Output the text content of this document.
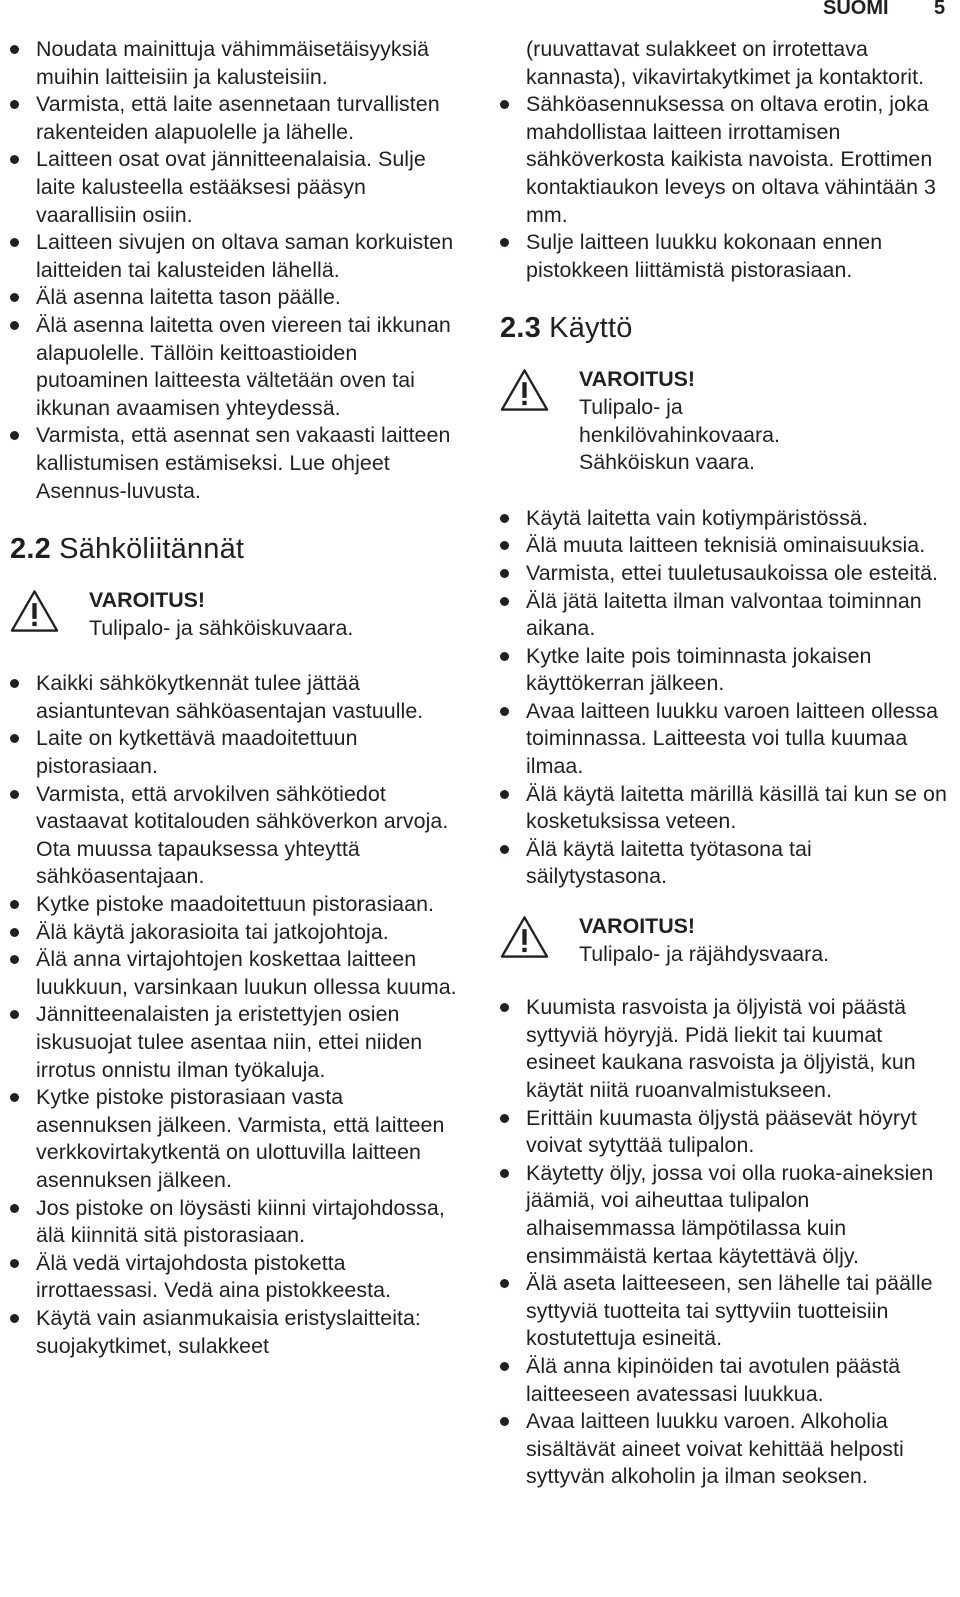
SUOMI 5
Noudata mainittuja vähimmäisetäisyyksiä muihin laitteisiin ja kalusteisiin.
Varmista, että laite asennetaan turvallisten rakenteiden alapuolelle ja lähelle.
Laitteen osat ovat jännitteenalaisia. Sulje laite kalusteella estääksesi pääsyn vaarallisiin osiin.
Laitteen sivujen on oltava saman korkuisten laitteiden tai kalusteiden lähellä.
Älä asenna laitetta tason päälle.
Älä asenna laitetta oven viereen tai ikkunan alapuolelle. Tällöin keittoastioiden putoaminen laitteesta vältetään oven tai ikkunan avaamisen yhteydessä.
Varmista, että asennat sen vakaasti laitteen kallistumisen estämiseksi. Lue ohjeet Asennus-luvusta.
2.2 Sähköliitännät
VAROITUS!
Tulipalo- ja sähköiskuvaara.
Kaikki sähkökytkennät tulee jättää asiantuntevan sähköasentajan vastuulle.
Laite on kytkettävä maadoitettuun pistorasiaan.
Varmista, että arvokilven sähkötiedot vastaavat kotitalouden sähköverkon arvoja. Ota muussa tapauksessa yhteyttä sähköasentajaan.
Kytke pistoke maadoitettuun pistorasiaan.
Älä käytä jakorasioita tai jatkojohtoja.
Älä anna virtajohtojen koskettaa laitteen luukkuun, varsinkaan luukun ollessa kuuma.
Jännitteenalaisten ja eristettyjen osien iskusuojat tulee asentaa niin, ettei niiden irrotus onnistu ilman työkaluja.
Kytke pistoke pistorasiaan vasta asennuksen jälkeen. Varmista, että laitteen verkkovirtakytkentä on ulottuvilla laitteen asennuksen jälkeen.
Jos pistoke on löysästi kiinni virtajohdossa, älä kiinnitä sitä pistorasiaan.
Älä vedä virtajohdosta pistoketta irrottaessasi. Vedä aina pistokkeesta.
Käytä vain asianmukaisia eristyslaitteita: suojakytkimet, sulakkeet
(ruuvattavat sulakkeet on irrotettava kannasta), vikavirtakytkimet ja kontaktorit.
Sähköasennuksessa on oltava erotin, joka mahdollistaa laitteen irrottamisen sähköverkosta kaikista navoista. Erottimen kontaktiaukon leveys on oltava vähintään 3 mm.
Sulje laitteen luukku kokonaan ennen pistokkeen liittämistä pistorasiaan.
2.3 Käyttö
VAROITUS!
Tulipalo- ja
henkilövahinkovaara.
Sähköiskun vaara.
Käytä laitetta vain kotiympäristössä.
Älä muuta laitteen teknisiä ominaisuuksia.
Varmista, ettei tuuletusaukoissa ole esteitä.
Älä jätä laitetta ilman valvontaa toiminnan aikana.
Kytke laite pois toiminnasta jokaisen käyttökerran jälkeen.
Avaa laitteen luukku varoen laitteen ollessa toiminnassa. Laitteesta voi tulla kuumaa ilmaa.
Älä käytä laitetta märillä käsillä tai kun se on kosketuksissa veteen.
Älä käytä laitetta työtasona tai säilytystasona.
VAROITUS!
Tulipalo- ja räjähdysvaara.
Kuumista rasvoista ja öljyistä voi päästä syttyviä höyryjä. Pidä liekit tai kuumat esineet kaukana rasvoista ja öljyistä, kun käytät niitä ruoanvalmistukseen.
Erittäin kuumasta öljystä pääsevät höyryt voivat sytyttää tulipalon.
Käytetty öljy, jossa voi olla ruoka-aineksien jäämiä, voi aiheuttaa tulipalon alhaisemmassa lämpötilassa kuin ensimmäistä kertaa käytettävä öljy.
Älä aseta laitteeseen, sen lähelle tai päälle syttyviä tuotteita tai syttyviin tuotteisiin kostutettuja esineitä.
Älä anna kipinöiden tai avotulen päästä laitteeseen avatessasi luukkua.
Avaa laitteen luukku varoen. Alkoholia sisältävät aineet voivat kehittää helposti syttyvän alkoholin ja ilman seoksen.
